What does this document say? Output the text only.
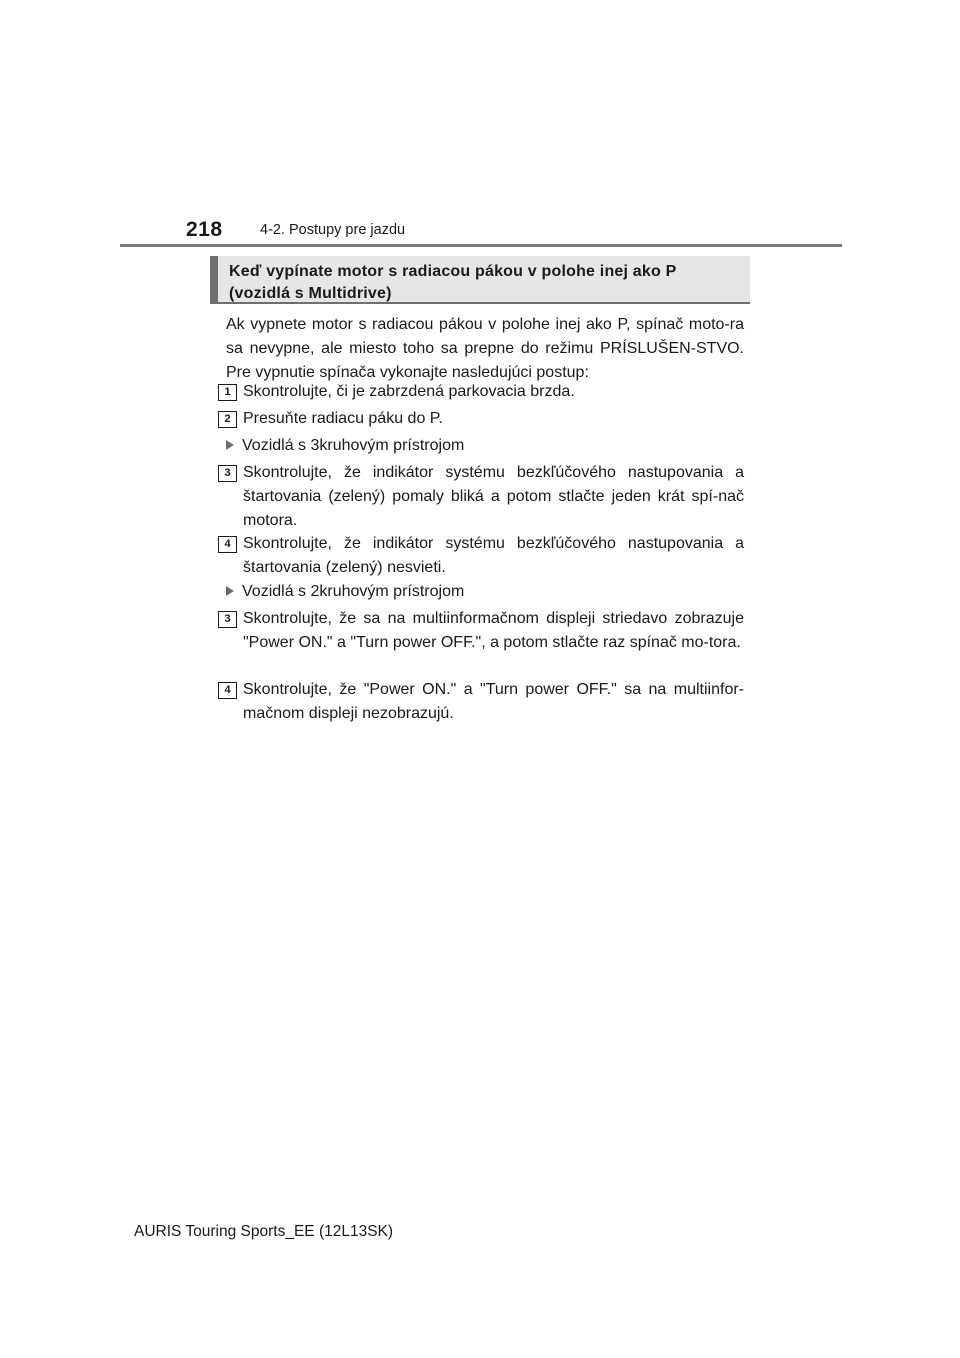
218	4-2. Postupy pre jazdu
Keď vypínate motor s radiacou pákou v polohe inej ako P
(vozidlá s Multidrive)

Ak vypnete motor s radiacou pákou v polohe inej ako P, spínač moto-ra sa nevypne, ale miesto toho sa prepne do režimu PRÍSLUŠEN-STVO. Pre vypnutie spínača vykonajte nasledujúci postup:

1 Skontrolujte, či je zabrzdená parkovacia brzda.

2 Presuňte radiacu páku do P.

Vozidlá s 3kruhovým prístrojom

3 Skontrolujte, že indikátor systému bezkľúčového nastupovania a štartovania (zelený) pomaly bliká a potom stlačte jeden krát spí-nač motora.

4 Skontrolujte, že indikátor systému bezkľúčového nastupovania a štartovania (zelený) nesvieti.

Vozidlá s 2kruhovým prístrojom

3 Skontrolujte, že sa na multiinformačnom displeji striedavo zobrazuje "Power ON." a "Turn power OFF.", a potom stlačte raz spínač mo-tora.

4 Skontrolujte, že "Power ON." a "Turn power OFF." sa na multiinfor-mačnom displeji nezobrazujú.

AURIS Touring Sports_EE (12L13SK)
